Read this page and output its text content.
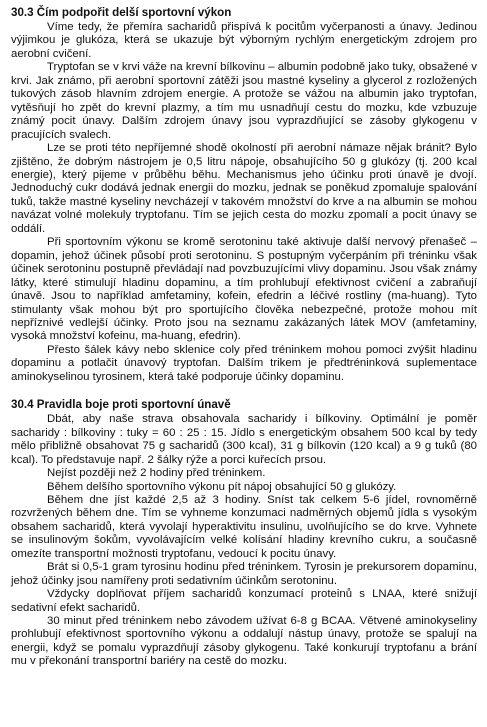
30.3 Čím podpořit delší sportovní výkon

Víme tedy, že přemíra sacharidů přispívá k pocitům vyčerpanosti a únavy. Jedinou výjimkou je glukóza, která se ukazuje být výborným rychlým energetickým zdrojem pro aerobní cvičení.

Tryptofan se v krvi váže na krevní bílkovinu – albumin podobně jako tuky, obsažené v krvi. Jak známo, při aerobní sportovní zátěži jsou mastné kyseliny a glycerol z rozložených tukových zásob hlavním zdrojem energie. A protože se vážou na albumin jako tryptofan, vytěsňují ho zpět do krevní plazmy, a tím mu usnadňují cestu do mozku, kde vzbuzuje známý pocit únavy. Dalším zdrojem únavy jsou vyprazdňující se zásoby glykogenu v pracujících svalech.

Lze se proti této nepříjemné shodě okolností při aerobní námaze nějak bránit? Bylo zjištěno, že dobrým nástrojem je 0,5 litru nápoje, obsahujícího 50 g glukózy (tj. 200 kcal energie), který pijeme v průběhu běhu. Mechanismus jeho účinku proti únavě je dvojí. Jednoduchý cukr dodává jednak energii do mozku, jednak se poněkud zpomaluje spalování tuků, takže mastné kyseliny nevcházejí v takovém množství do krve a na albumin se mohou navázat volné molekuly tryptofanu. Tím se jejich cesta do mozku zpomalí a pocit únavy se oddálí.

Při sportovním výkonu se kromě serotoninu také aktivuje další nervový přenašeč – dopamin, jehož účinek působí proti serotoninu. S postupným vyčerpáním při tréninku však účinek serotoninu postupně převládají nad povzbuzujícími vlivy dopaminu. Jsou však známy látky, které stimulují hladinu dopaminu, a tím prohlubují efektivnost cvičení a zabraňují únavě. Jsou to například amfetaminy, kofein, efedrin a léčivé rostliny (ma-huang). Tyto stimulanty však mohou být pro sportujícího člověka nebezpečné, protože mohou mít nepříznivé vedlejší účinky. Proto jsou na seznamu zakázaných látek MOV (amfetaminy, vysoká množství kofeinu, ma-huang, efedrin).

Přesto šálek kávy nebo sklenice coly před tréninkem mohou pomoci zvýšit hladinu dopaminu a potlačit únavový tryptofan. Dalším trikem je předtréninková suplementace aminokyselinou tyrosinem, která také podporuje účinky dopaminu.

30.4 Pravidla boje proti sportovní únavě

Dbát, aby naše strava obsahovala sacharidy i bílkoviny. Optimální je poměr sacharidy : bílkoviny : tuky = 60 : 25 : 15. Jídlo s energetickým obsahem 500 kcal by tedy mělo přibližně obsahovat 75 g sacharidů (300 kcal), 31 g bílkovin (120 kcal) a 9 g tuků (80 kcal). To představuje např. 2 šálky rýže a porci kuřecích prsou.

Nejíst později než 2 hodiny před tréninkem.

Během delšího sportovního výkonu pít nápoj obsahující 50 g glukózy.

Během dne jíst každé 2,5 až 3 hodiny. Sníst tak celkem 5-6 jídel, rovnoměrně rozvržených během dne. Tím se vyhneme konzumaci nadměrných objemů jídla s vysokým obsahem sacharidů, která vyvolají hyperaktivitu insulinu, uvolňujícího se do krve. Vyhnete se insulinovým šokům, vyvolávajícím velké kolísání hladiny krevního cukru, a současně omezíte transportní možnosti tryptofanu, vedoucí k pocitu únavy.

Brát si 0,5-1 gram tyrosinu hodinu před tréninkem. Tyrosin je prekursorem dopaminu, jehož účinky jsou namířeny proti sedativním účinkům serotoninu.

Vždycky doplňovat příjem sacharidů konzumací proteinů s LNAA, které snižují sedativní efekt sacharidů.

30 minut před tréninkem nebo závodem užívat 6-8 g BCAA. Větvené aminokyseliny prohlubují efektivnost sportovního výkonu a oddalují nástup únavy, protože se spalují na energii, když se pomalu vyprazdňují zásoby glykogenu. Také konkurují tryptofanu a brání mu v překonání transportní bariéry na cestě do mozku.
